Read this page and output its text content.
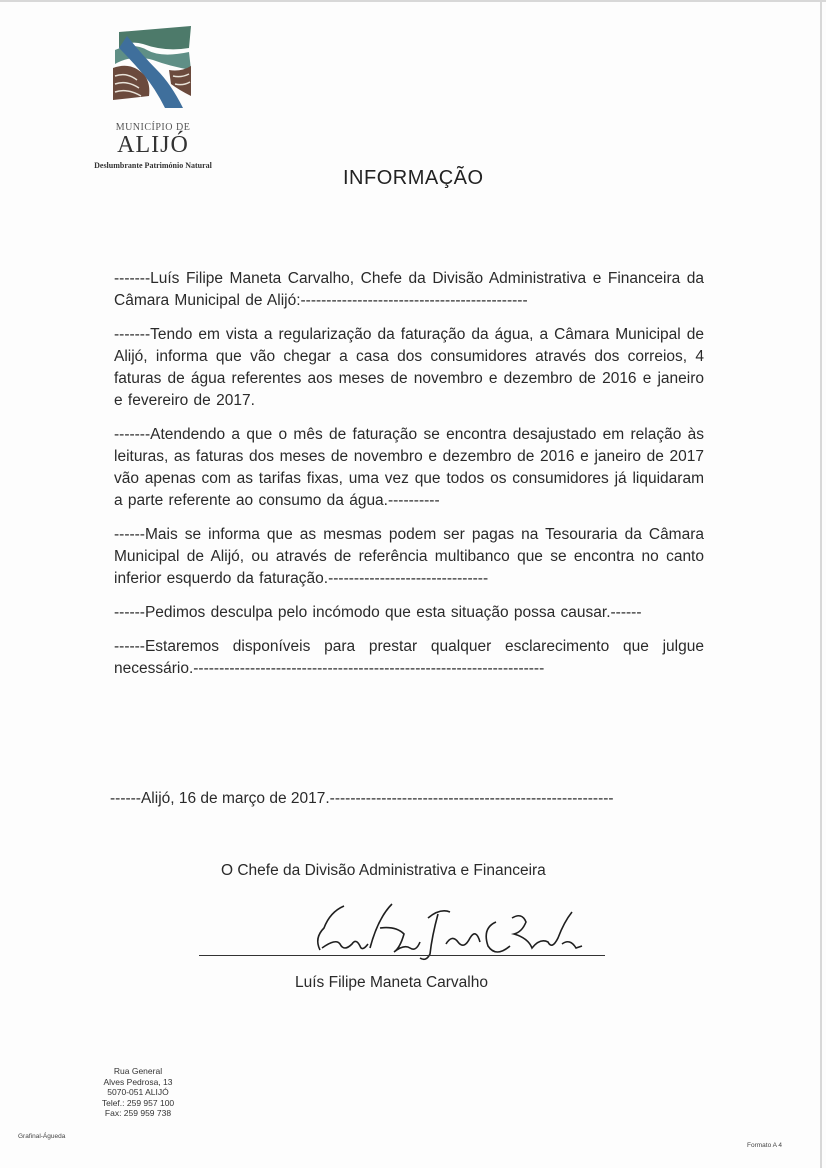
MUNICÍPIO DE
ALIJÓ
Deslumbrante Património Natural
INFORMAÇÃO

-------Luís Filipe Maneta Carvalho, Chefe da Divisão Administrativa e Financeira da Câmara Municipal de Alijó:--------------------------------------------

-------Tendo em vista a regularização da faturação da água, a Câmara Municipal de Alijó, informa que vão chegar a casa dos consumidores através dos correios, 4 faturas de água referentes aos meses de novembro e dezembro de 2016 e janeiro e fevereiro de 2017.

-------Atendendo a que o mês de faturação se encontra desajustado em relação às leituras, as faturas dos meses de novembro e dezembro de 2016 e janeiro de 2017 vão apenas com as tarifas fixas, uma vez que todos os consumidores já liquidaram a parte referente ao consumo da água.----------

------Mais se informa que as mesmas podem ser pagas na Tesouraria da Câmara Municipal de Alijó, ou através de referência multibanco que se encontra no canto inferior esquerdo da faturação.-------------------------------

------Pedimos desculpa pelo incómodo que esta situação possa causar.------

------Estaremos disponíveis para prestar qualquer esclarecimento que julgue necessário.--------------------------------------------------------------------

------Alijó, 16 de março de 2017.-------------------------------------------------------

O Chefe da Divisão Administrativa e Financeira

Luís Filipe Maneta Carvalho

Rua General
Alves Pedrosa, 13
5070-051 ALIJÓ
Telef.: 259 957 100
Fax: 259 959 738

Grafinal-Águeda

Formato A 4
